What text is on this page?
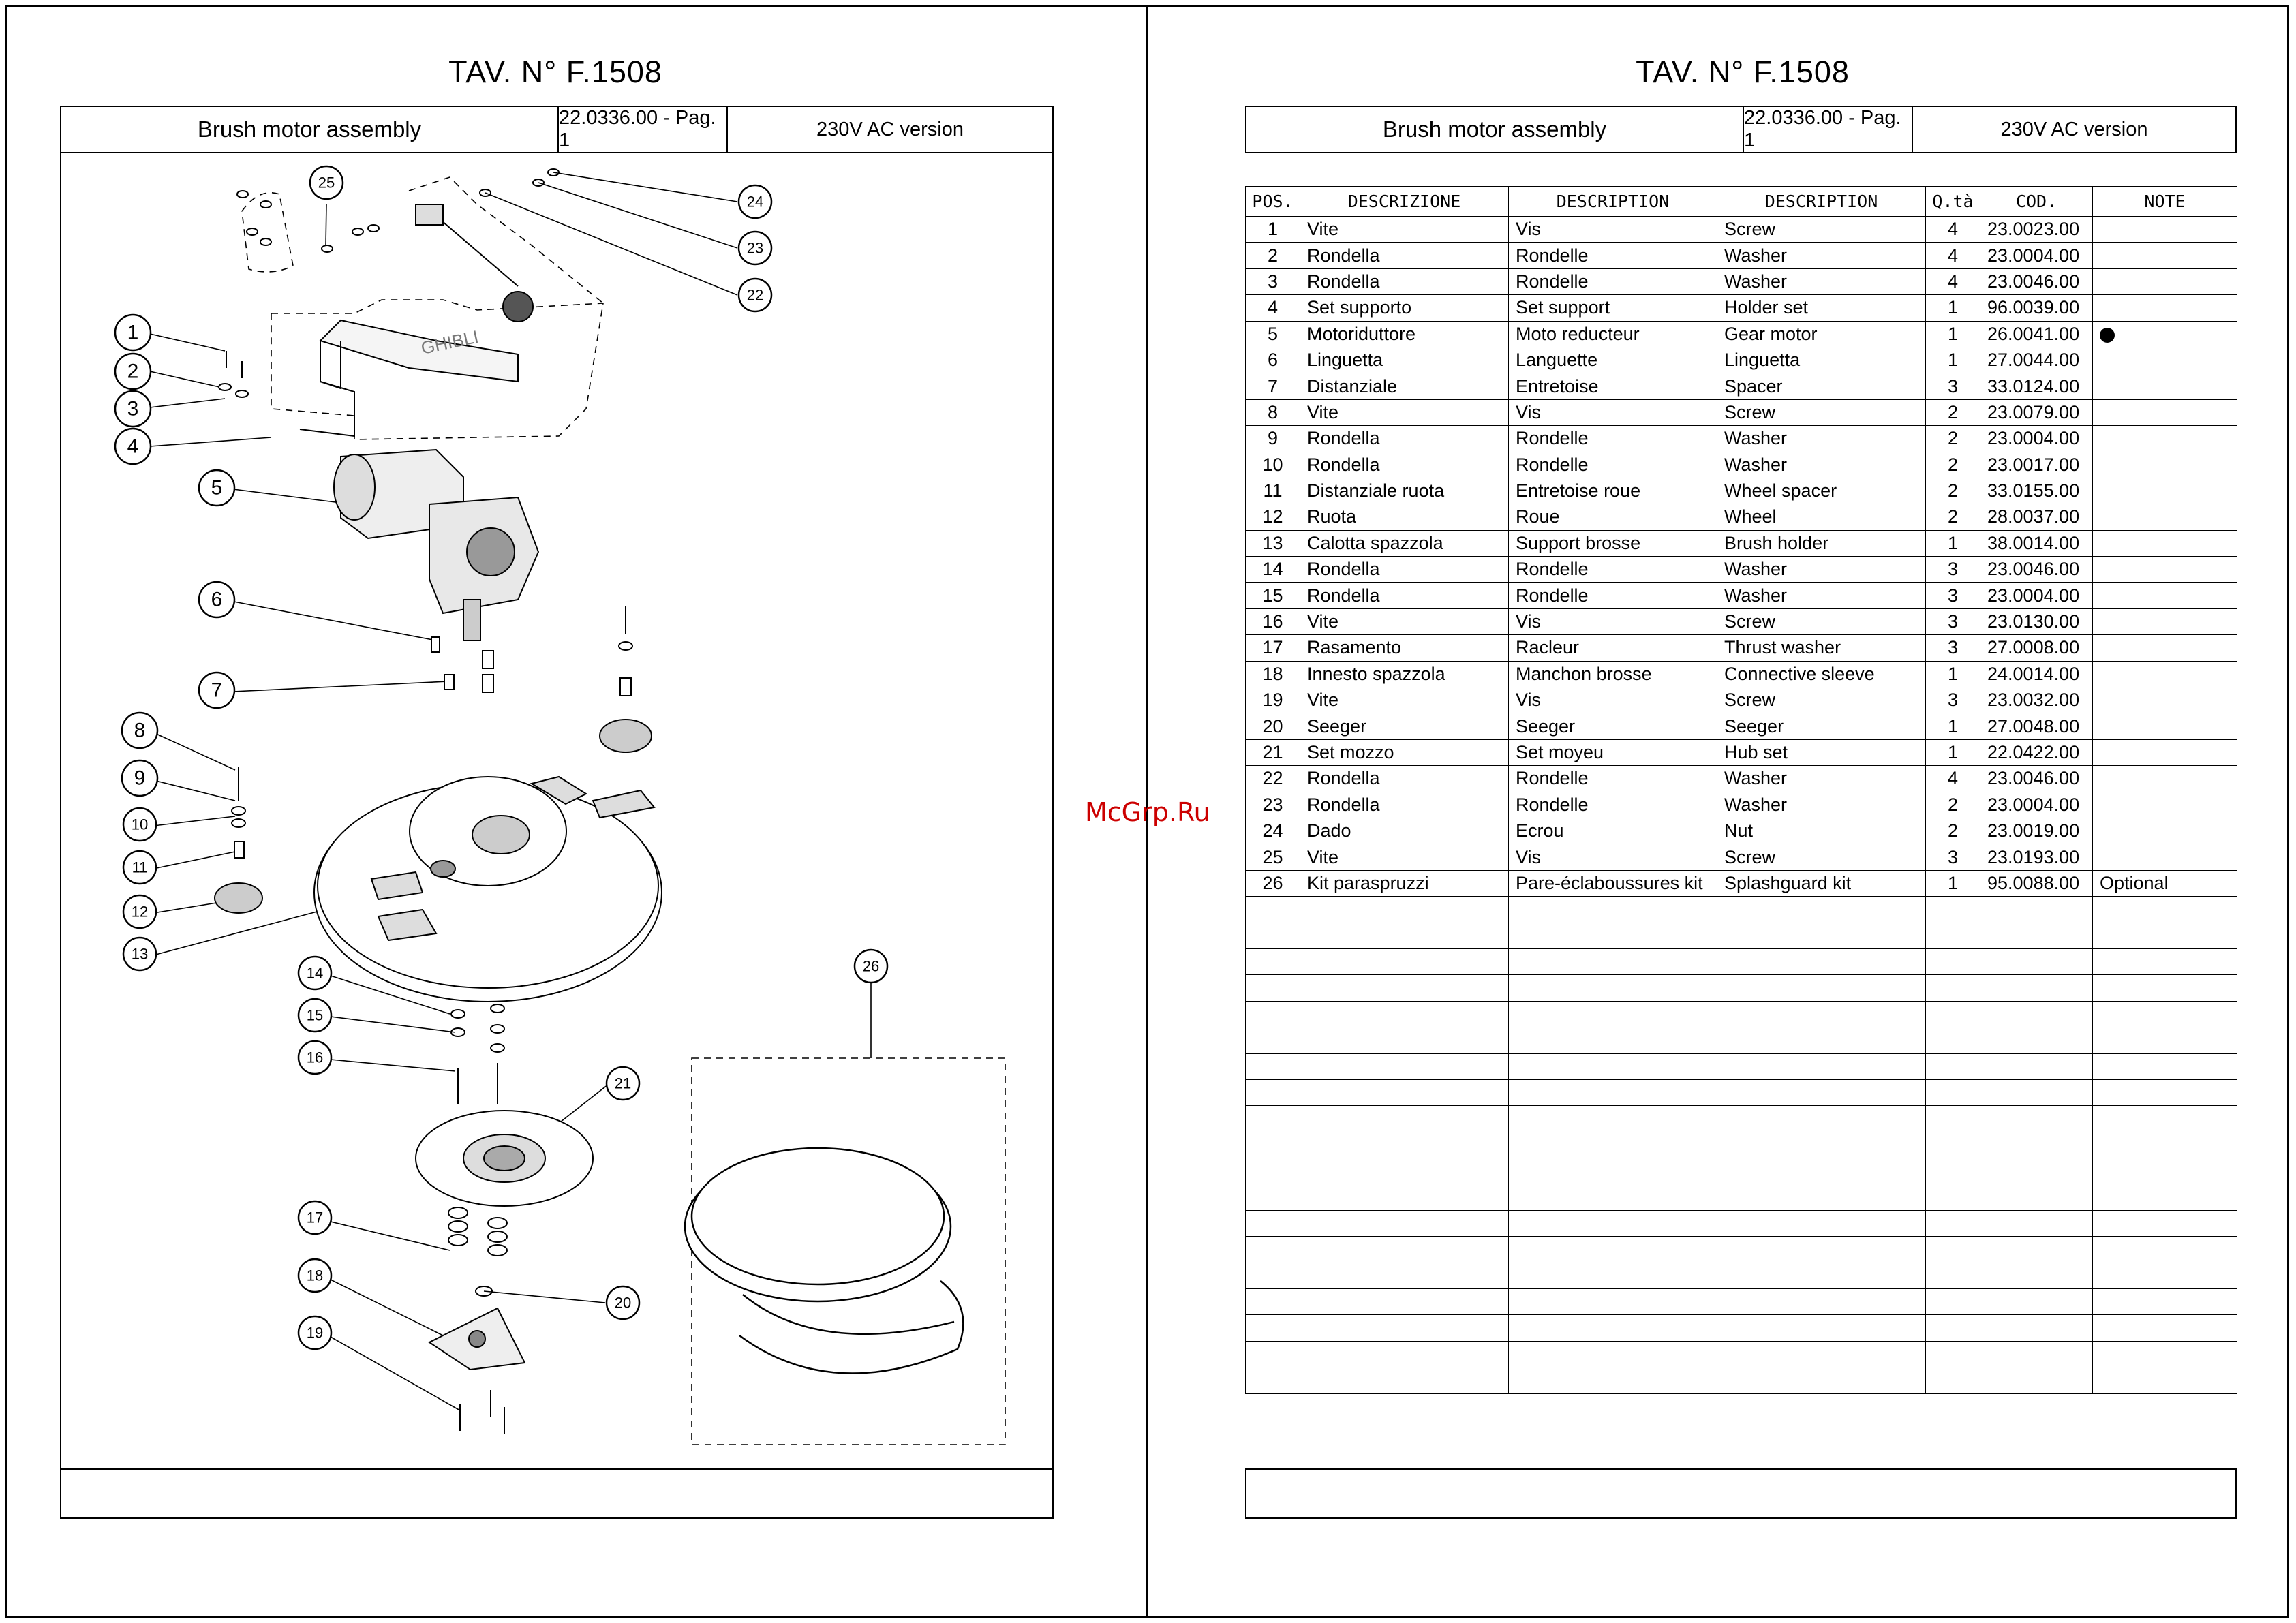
TAV. N° F.1508
Brush motor assembly	22.0336.00 - Pag. 1
230V AC version
GHIBLI
1
2
3
4
5
6
7
8
9
10
11
12
13
14
15
16
17
18
19
20
21
22
23
24
25
26
TAV. N° F.1508
Brush motor assembly	22.0336.00 - Pag. 1
230V AC version
POS.	DESCRIZIONE	DESCRIPTION	DESCRIPTION	Q.tà	COD.	NOTE
1	Vite	Vis	Screw	4	23.0023.00	
2	Rondella	Rondelle	Washer	4	23.0004.00	
3	Rondella	Rondelle	Washer	4	23.0046.00	
4	Set supporto	Set support	Holder set	1	96.0039.00	
5	Motoriduttore	Moto reducteur	Gear motor	1	26.0041.00	
6	Linguetta	Languette	Linguetta	1	27.0044.00	
7	Distanziale	Entretoise	Spacer	3	33.0124.00	
8	Vite	Vis	Screw	2	23.0079.00	
9	Rondella	Rondelle	Washer	2	23.0004.00	
10	Rondella	Rondelle	Washer	2	23.0017.00	
11	Distanziale ruota	Entretoise roue	Wheel spacer	2	33.0155.00	
12	Ruota	Roue	Wheel	2	28.0037.00	
13	Calotta spazzola	Support brosse	Brush holder	1	38.0014.00	
14	Rondella	Rondelle	Washer	3	23.0046.00	
15	Rondella	Rondelle	Washer	3	23.0004.00	
16	Vite	Vis	Screw	3	23.0130.00	
17	Rasamento	Racleur	Thrust washer	3	27.0008.00	
18	Innesto spazzola	Manchon brosse	Connective sleeve	1	24.0014.00	
19	Vite	Vis	Screw	3	23.0032.00	
20	Seeger	Seeger	Seeger	1	27.0048.00	
21	Set mozzo	Set moyeu	Hub set	1	22.0422.00	
22	Rondella	Rondelle	Washer	4	23.0046.00	
23	Rondella	Rondelle	Washer	2	23.0004.00	
24	Dado	Ecrou	Nut	2	23.0019.00	
25	Vite	Vis	Screw	3	23.0193.00	
26	Kit paraspruzzi	Pare-éclaboussures kit	Splashguard kit	1	95.0088.00	Optional

McGrp.Ru
